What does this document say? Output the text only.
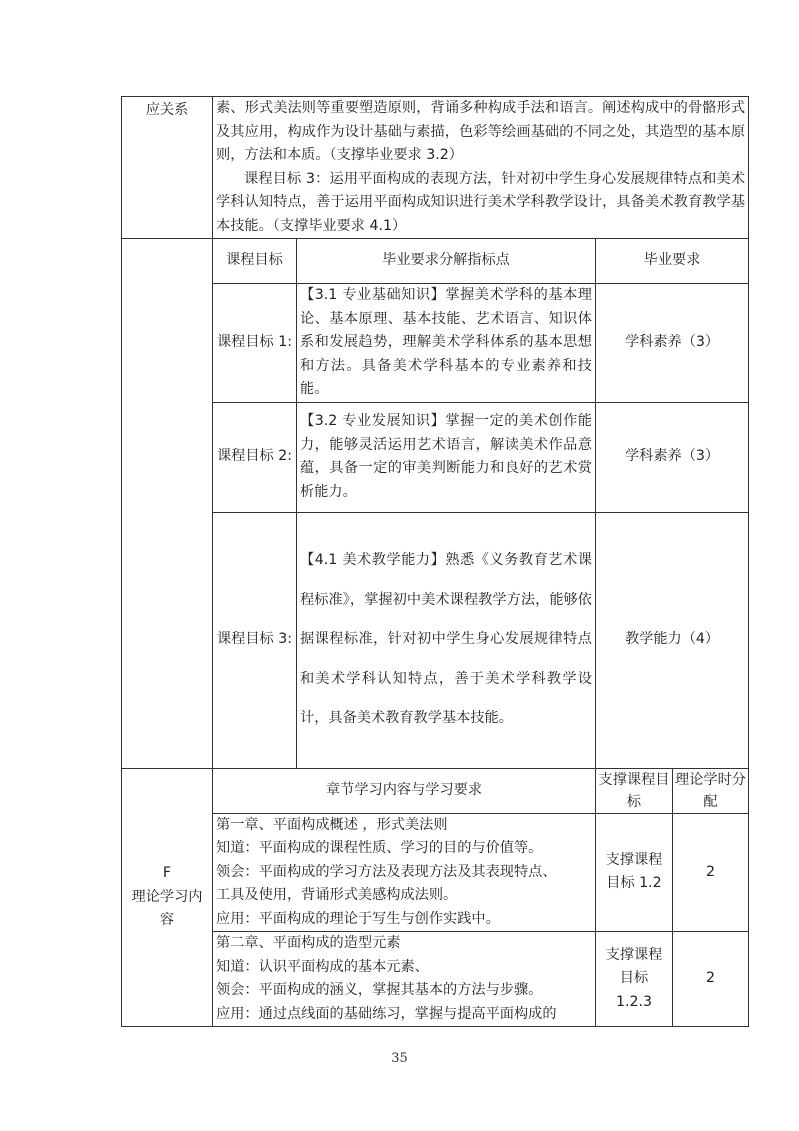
应关系	素、形式美法则等重要塑造原则，背诵多种构成手法和语言。阐述构成中的骨骼形式及其应用，构成作为设计基础与素描，色彩等绘画基础的不同之处，其造型的基本原则，方法和本质。（支撑毕业要求 3.2）

课程目标 3：运用平面构成的表现方法，针对初中学生身心发展规律特点和美术学科认知特点，善于运用平面构成知识进行美术学科教学设计，具备美术教育教学基本技能。（支撑毕业要求 4.1）			

	课程目标	毕业要求分解指标点	毕业要求	
	课程目标 1:	【3.1 专业基础知识】掌握美术学科的基本理论、基本原理、基本技能、艺术语言、知识体系和发展趋势，理解美术学科体系的基本思想和方法。具备美术学科基本的专业素养和技能。	学科素养（3）	
	课程目标 2:	【3.2 专业发展知识】掌握一定的美术创作能力，能够灵活运用艺术语言，解读美术作品意蕴，具备一定的审美判断能力和良好的艺术赏析能力。	学科素养（3）	
	课程目标 3:	【4.1 美术教学能力】熟悉《义务教育艺术课程标准》，掌握初中美术课程教学方法，能够依据课程标准，针对初中学生身心发展规律特点和美术学科认知特点，善于美术学科教学设计，具备美术教育教学基本技能。	教学能力（4）	

F
理论学习内容	章节学习内容与学习要求		支撑课程目标	理论学时分配

	第一章、平面构成概述 ，形式美法则
知道：平面构成的课程性质、学习的目的与价值等。
领会：平面构成的学习方法及表现方法及其表现特点、
工具及使用，背诵形式美感构成法则。
应用：平面构成的理论于写生与创作实践中。		支撑课程目标 1.2	2

	第二章、平面构成的造型元素
知道：认识平面构成的基本元素、
领会：平面构成的涵义，掌握其基本的方法与步骤。
应用：通过点线面的基础练习，掌握与提高平面构成的		支撑课程目标 1.2.3	2
35
